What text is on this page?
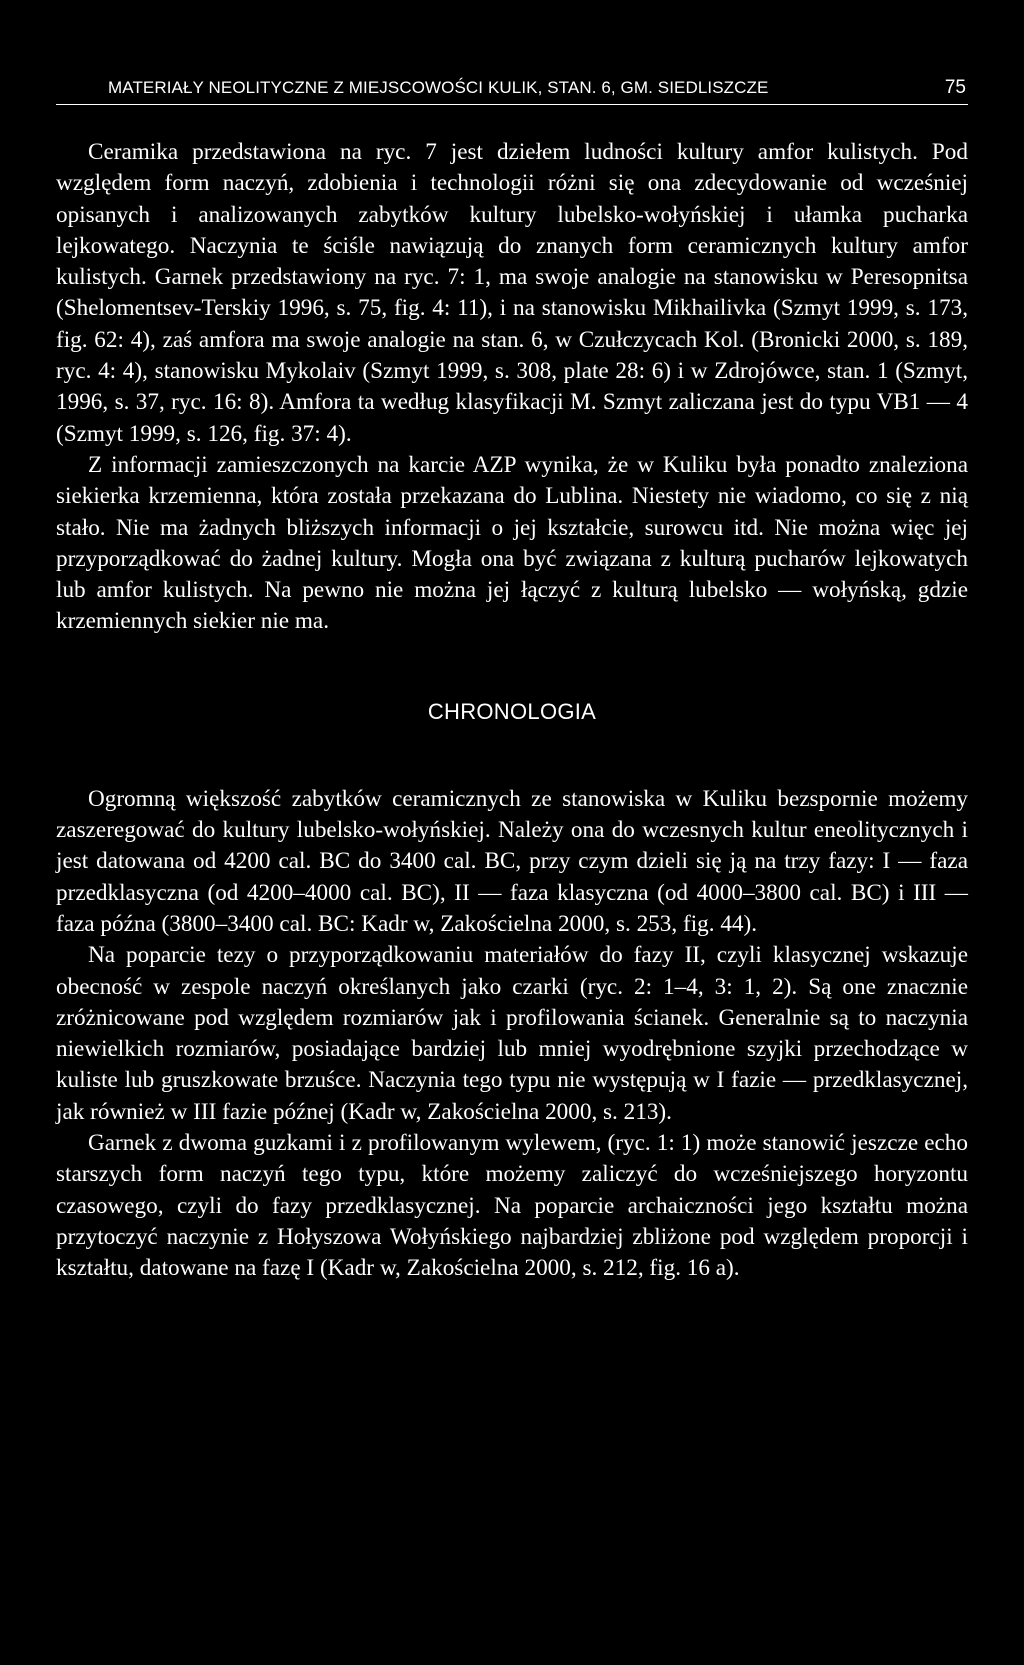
MATERIAŁY NEOLITYCZNE Z MIEJSCOWOŚCI KULIK, STAN. 6, GM. SIEDLISZCZE	75

Ceramika przedstawiona na ryc. 7 jest dziełem ludności kultury amfor kulistych. Pod względem form naczyń, zdobienia i technologii różni się ona zdecydowanie od wcześniej opisanych i analizowanych zabytków kultury lubelsko-wołyńskiej i ułamka pucharka lejkowatego. Naczynia te ściśle nawiązują do znanych form ceramicznych kultury amfor kulistych. Garnek przedstawiony na ryc. 7: 1, ma swoje analogie na stanowisku w Peresopnitsa (Shelomentsev-Terskiy 1996, s. 75, fig. 4: 11), i na stanowisku Mikhailivka (Szmyt 1999, s. 173, fig. 62: 4), zaś amfora ma swoje analogie na stan. 6, w Czułczycach Kol. (Bronicki 2000, s. 189, ryc. 4: 4), stanowisku Mykolaiv (Szmyt 1999, s. 308, plate 28: 6) i w Zdrojówce, stan. 1 (Szmyt, 1996, s. 37, ryc. 16: 8). Amfora ta według klasyfikacji M. Szmyt zaliczana jest do typu VB1 — 4 (Szmyt 1999, s. 126, fig. 37: 4).

Z informacji zamieszczonych na karcie AZP wynika, że w Kuliku była ponadto znaleziona siekierka krzemienna, która została przekazana do Lublina. Niestety nie wiadomo, co się z nią stało. Nie ma żadnych bliższych informacji o jej kształcie, surowcu itd. Nie można więc jej przyporządkować do żadnej kultury. Mogła ona być związana z kulturą pucharów lejkowatych lub amfor kulistych. Na pewno nie można jej łączyć z kulturą lubelsko — wołyńską, gdzie krzemiennych siekier nie ma.

CHRONOLOGIA

Ogromną większość zabytków ceramicznych ze stanowiska w Kuliku bezspornie możemy zaszeregować do kultury lubelsko-wołyńskiej. Należy ona do wczesnych kultur eneolitycznych i jest datowana od 4200 cal. BC do 3400 cal. BC, przy czym dzieli się ją na trzy fazy: I — faza przedklasyczna (od 4200–4000 cal. BC), II — faza klasyczna (od 4000–3800 cal. BC) i III — faza późna (3800–3400 cal. BC: Kadr w, Zakościelna 2000, s. 253, fig. 44).

Na poparcie tezy o przyporządkowaniu materiałów do fazy II, czyli klasycznej wskazuje obecność w zespole naczyń określanych jako czarki (ryc. 2: 1–4, 3: 1, 2). Są one znacznie zróżnicowane pod względem rozmiarów jak i profilowania ścianek. Generalnie są to naczynia niewielkich rozmiarów, posiadające bardziej lub mniej wyodrębnione szyjki przechodzące w kuliste lub gruszkowate brzuśce. Naczynia tego typu nie występują w I fazie — przedklasycznej, jak również w III fazie późnej (Kadr w, Zakościelna 2000, s. 213).

Garnek z dwoma guzkami i z profilowanym wylewem, (ryc. 1: 1) może stanowić jeszcze echo starszych form naczyń tego typu, które możemy zaliczyć do wcześniejszego horyzontu czasowego, czyli do fazy przedklasycznej. Na poparcie archaiczności jego kształtu można przytoczyć naczynie z Hołyszowa Wołyńskiego najbardziej zbliżone pod względem proporcji i kształtu, datowane na fazę I (Kadr w, Zakościelna 2000, s. 212, fig. 16 a).
